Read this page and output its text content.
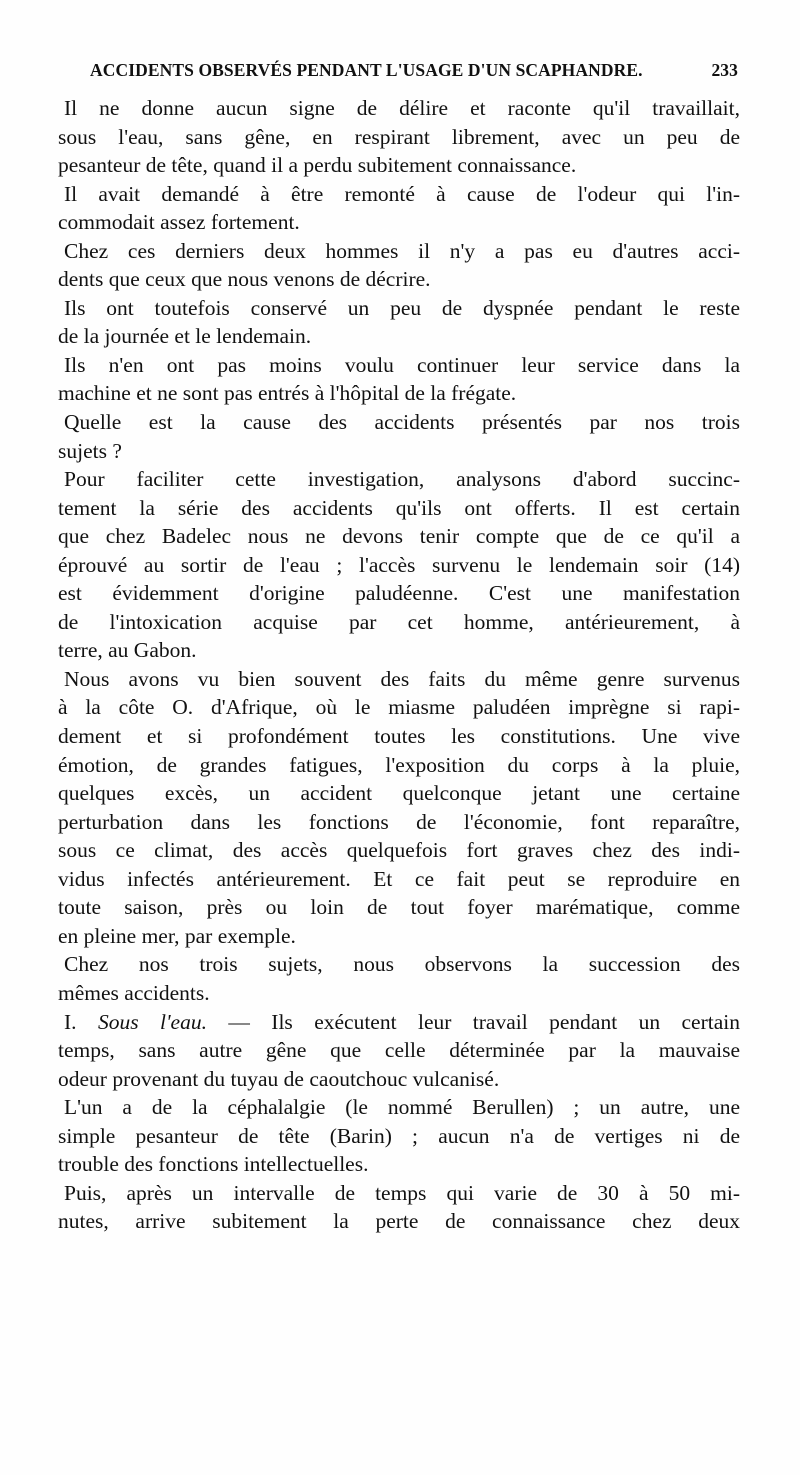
ACCIDENTS OBSERVÉS PENDANT L'USAGE D'UN SCAPHANDRE.	233
Il ne donne aucun signe de délire et raconte qu'il travaillait,
sous l'eau, sans gêne, en respirant librement, avec un peu de
pesanteur de tête, quand il a perdu subitement connaissance.
Il avait demandé à être remonté à cause de l'odeur qui l'in-
commodait assez fortement.
Chez ces derniers deux hommes il n'y a pas eu d'autres acci-
dents que ceux que nous venons de décrire.
Ils ont toutefois conservé un peu de dyspnée pendant le reste
de la journée et le lendemain.
Ils n'en ont pas moins voulu continuer leur service dans la
machine et ne sont pas entrés à l'hôpital de la frégate.
Quelle est la cause des accidents présentés par nos trois
sujets ?
Pour faciliter cette investigation, analysons d'abord succinc-
tement la série des accidents qu'ils ont offerts. Il est certain
que chez Badelec nous ne devons tenir compte que de ce qu'il a
éprouvé au sortir de l'eau ; l'accès survenu le lendemain soir (14)
est évidemment d'origine paludéenne. C'est une manifestation
de l'intoxication acquise par cet homme, antérieurement, à
terre, au Gabon.
Nous avons vu bien souvent des faits du même genre survenus
à la côte O. d'Afrique, où le miasme paludéen imprègne si rapi-
dement et si profondément toutes les constitutions. Une vive
émotion, de grandes fatigues, l'exposition du corps à la pluie,
quelques excès, un accident quelconque jetant une certaine
perturbation dans les fonctions de l'économie, font reparaître,
sous ce climat, des accès quelquefois fort graves chez des indi-
vidus infectés antérieurement. Et ce fait peut se reproduire en
toute saison, près ou loin de tout foyer marématique, comme
en pleine mer, par exemple.
Chez nos trois sujets, nous observons la succession des
mêmes accidents.
I. Sous l'eau. — Ils exécutent leur travail pendant un certain
temps, sans autre gêne que celle déterminée par la mauvaise
odeur provenant du tuyau de caoutchouc vulcanisé.
L'un a de la céphalalgie (le nommé Berullen) ; un autre, une
simple pesanteur de tête (Barin) ; aucun n'a de vertiges ni de
trouble des fonctions intellectuelles.
Puis, après un intervalle de temps qui varie de 30 à 50 mi-
nutes, arrive subitement la perte de connaissance chez deux
